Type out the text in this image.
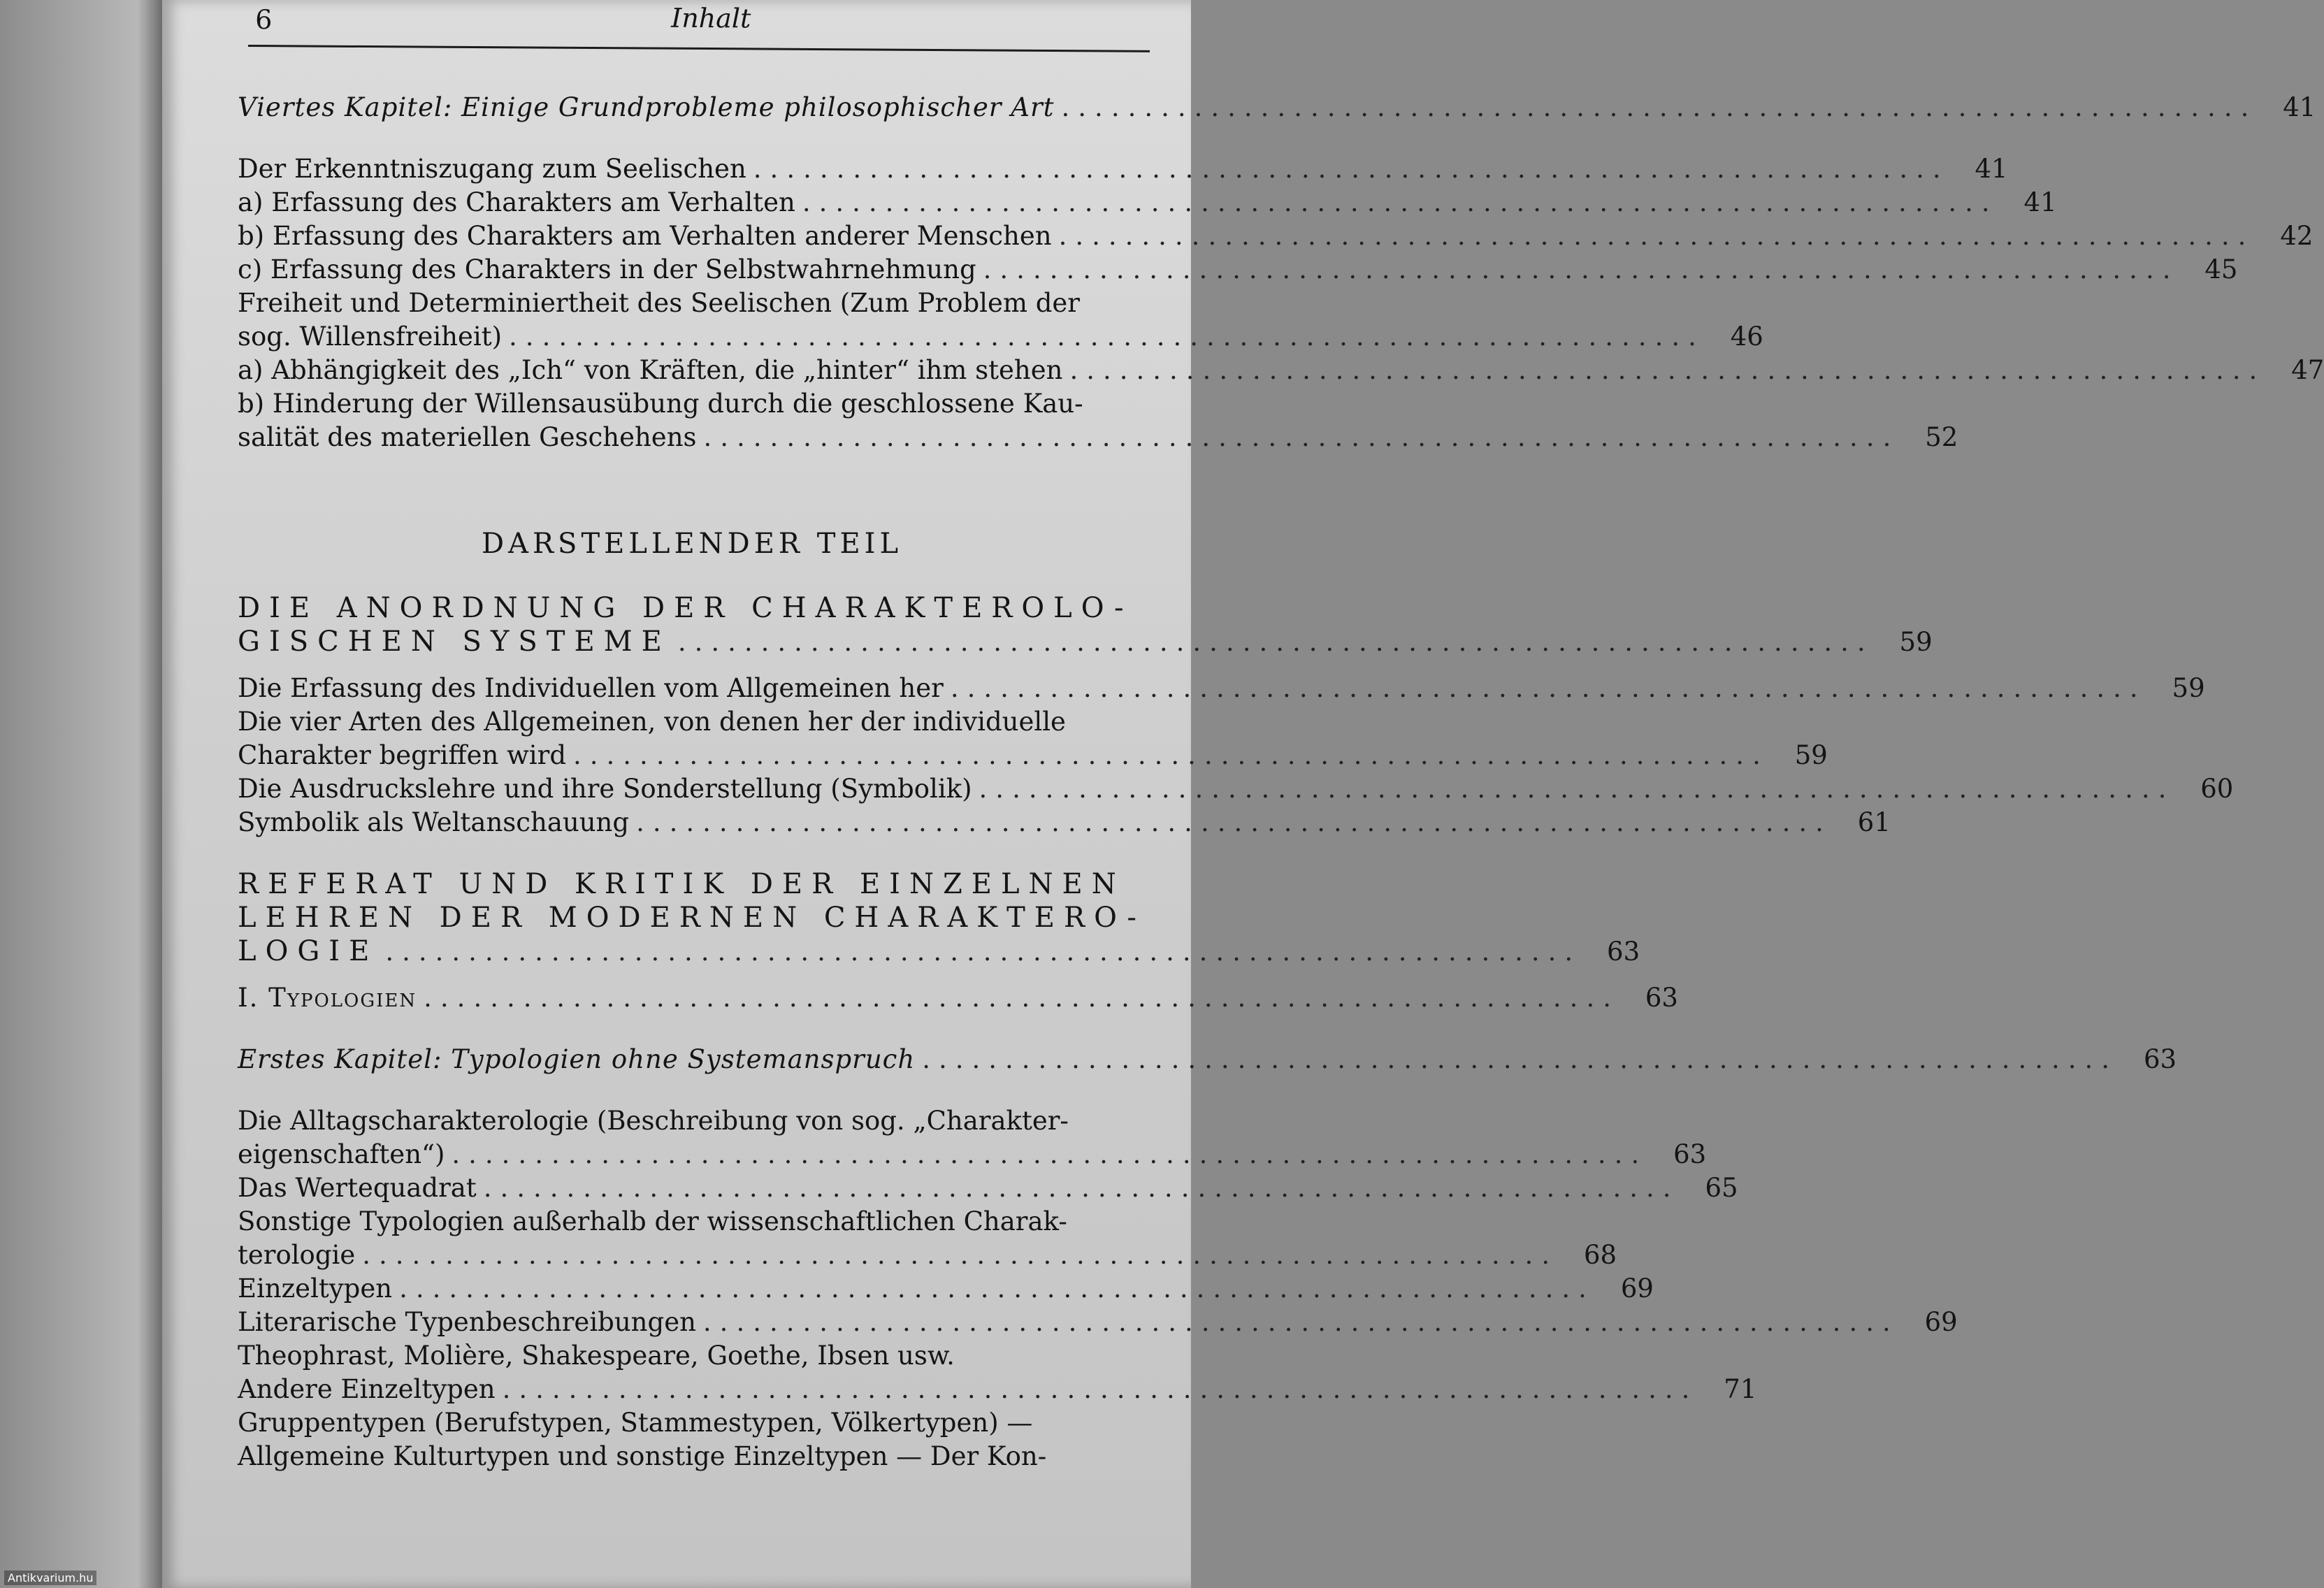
6	Inhalt
Viertes Kapitel: Einige Grundprobleme philosophischer Art ........................................................................ 41
Der Erkenntniszugang zum Seelischen ........................................................................ 41
a) Erfassung des Charakters am Verhalten ........................................................................ 41
b) Erfassung des Charakters am Verhalten anderer Menschen ........................................................................ 42
c) Erfassung des Charakters in der Selbstwahrnehmung ........................................................................ 45
Freiheit und Determiniertheit des Seelischen (Zum Problem der
sog. Willensfreiheit) ........................................................................ 46
a) Abhängigkeit des „Ich“ von Kräften, die „hinter“ ihm stehen ........................................................................ 47
b) Hinderung der Willensausübung durch die geschlossene Kau-
salität des materiellen Geschehens ........................................................................ 52
DARSTELLENDER TEIL
DIE ANORDNUNG DER CHARAKTEROLO-
GISCHEN SYSTEME ........................................................................ 59
Die Erfassung des Individuellen vom Allgemeinen her ........................................................................ 59
Die vier Arten des Allgemeinen, von denen her der individuelle
Charakter begriffen wird ........................................................................ 59
Die Ausdruckslehre und ihre Sonderstellung (Symbolik) ........................................................................ 60
Symbolik als Weltanschauung ........................................................................ 61
REFERAT UND KRITIK DER EINZELNEN
LEHREN DER MODERNEN CHARAKTERO-
LOGIE ........................................................................ 63
I. Typologien ........................................................................ 63
Erstes Kapitel: Typologien ohne Systemanspruch ........................................................................ 63
Die Alltagscharakterologie (Beschreibung von sog. „Charakter-
eigenschaften“) ........................................................................ 63
Das Wertequadrat ........................................................................ 65
Sonstige Typologien außerhalb der wissenschaftlichen Charak-
terologie ........................................................................ 68
Einzeltypen ........................................................................ 69
Literarische Typenbeschreibungen ........................................................................ 69
Theophrast, Molière, Shakespeare, Goethe, Ibsen usw.
Andere Einzeltypen ........................................................................ 71
Gruppentypen (Berufstypen, Stammestypen, Völkertypen) —
Allgemeine Kulturtypen und sonstige Einzeltypen — Der Kon-
Antikvarium.hu
